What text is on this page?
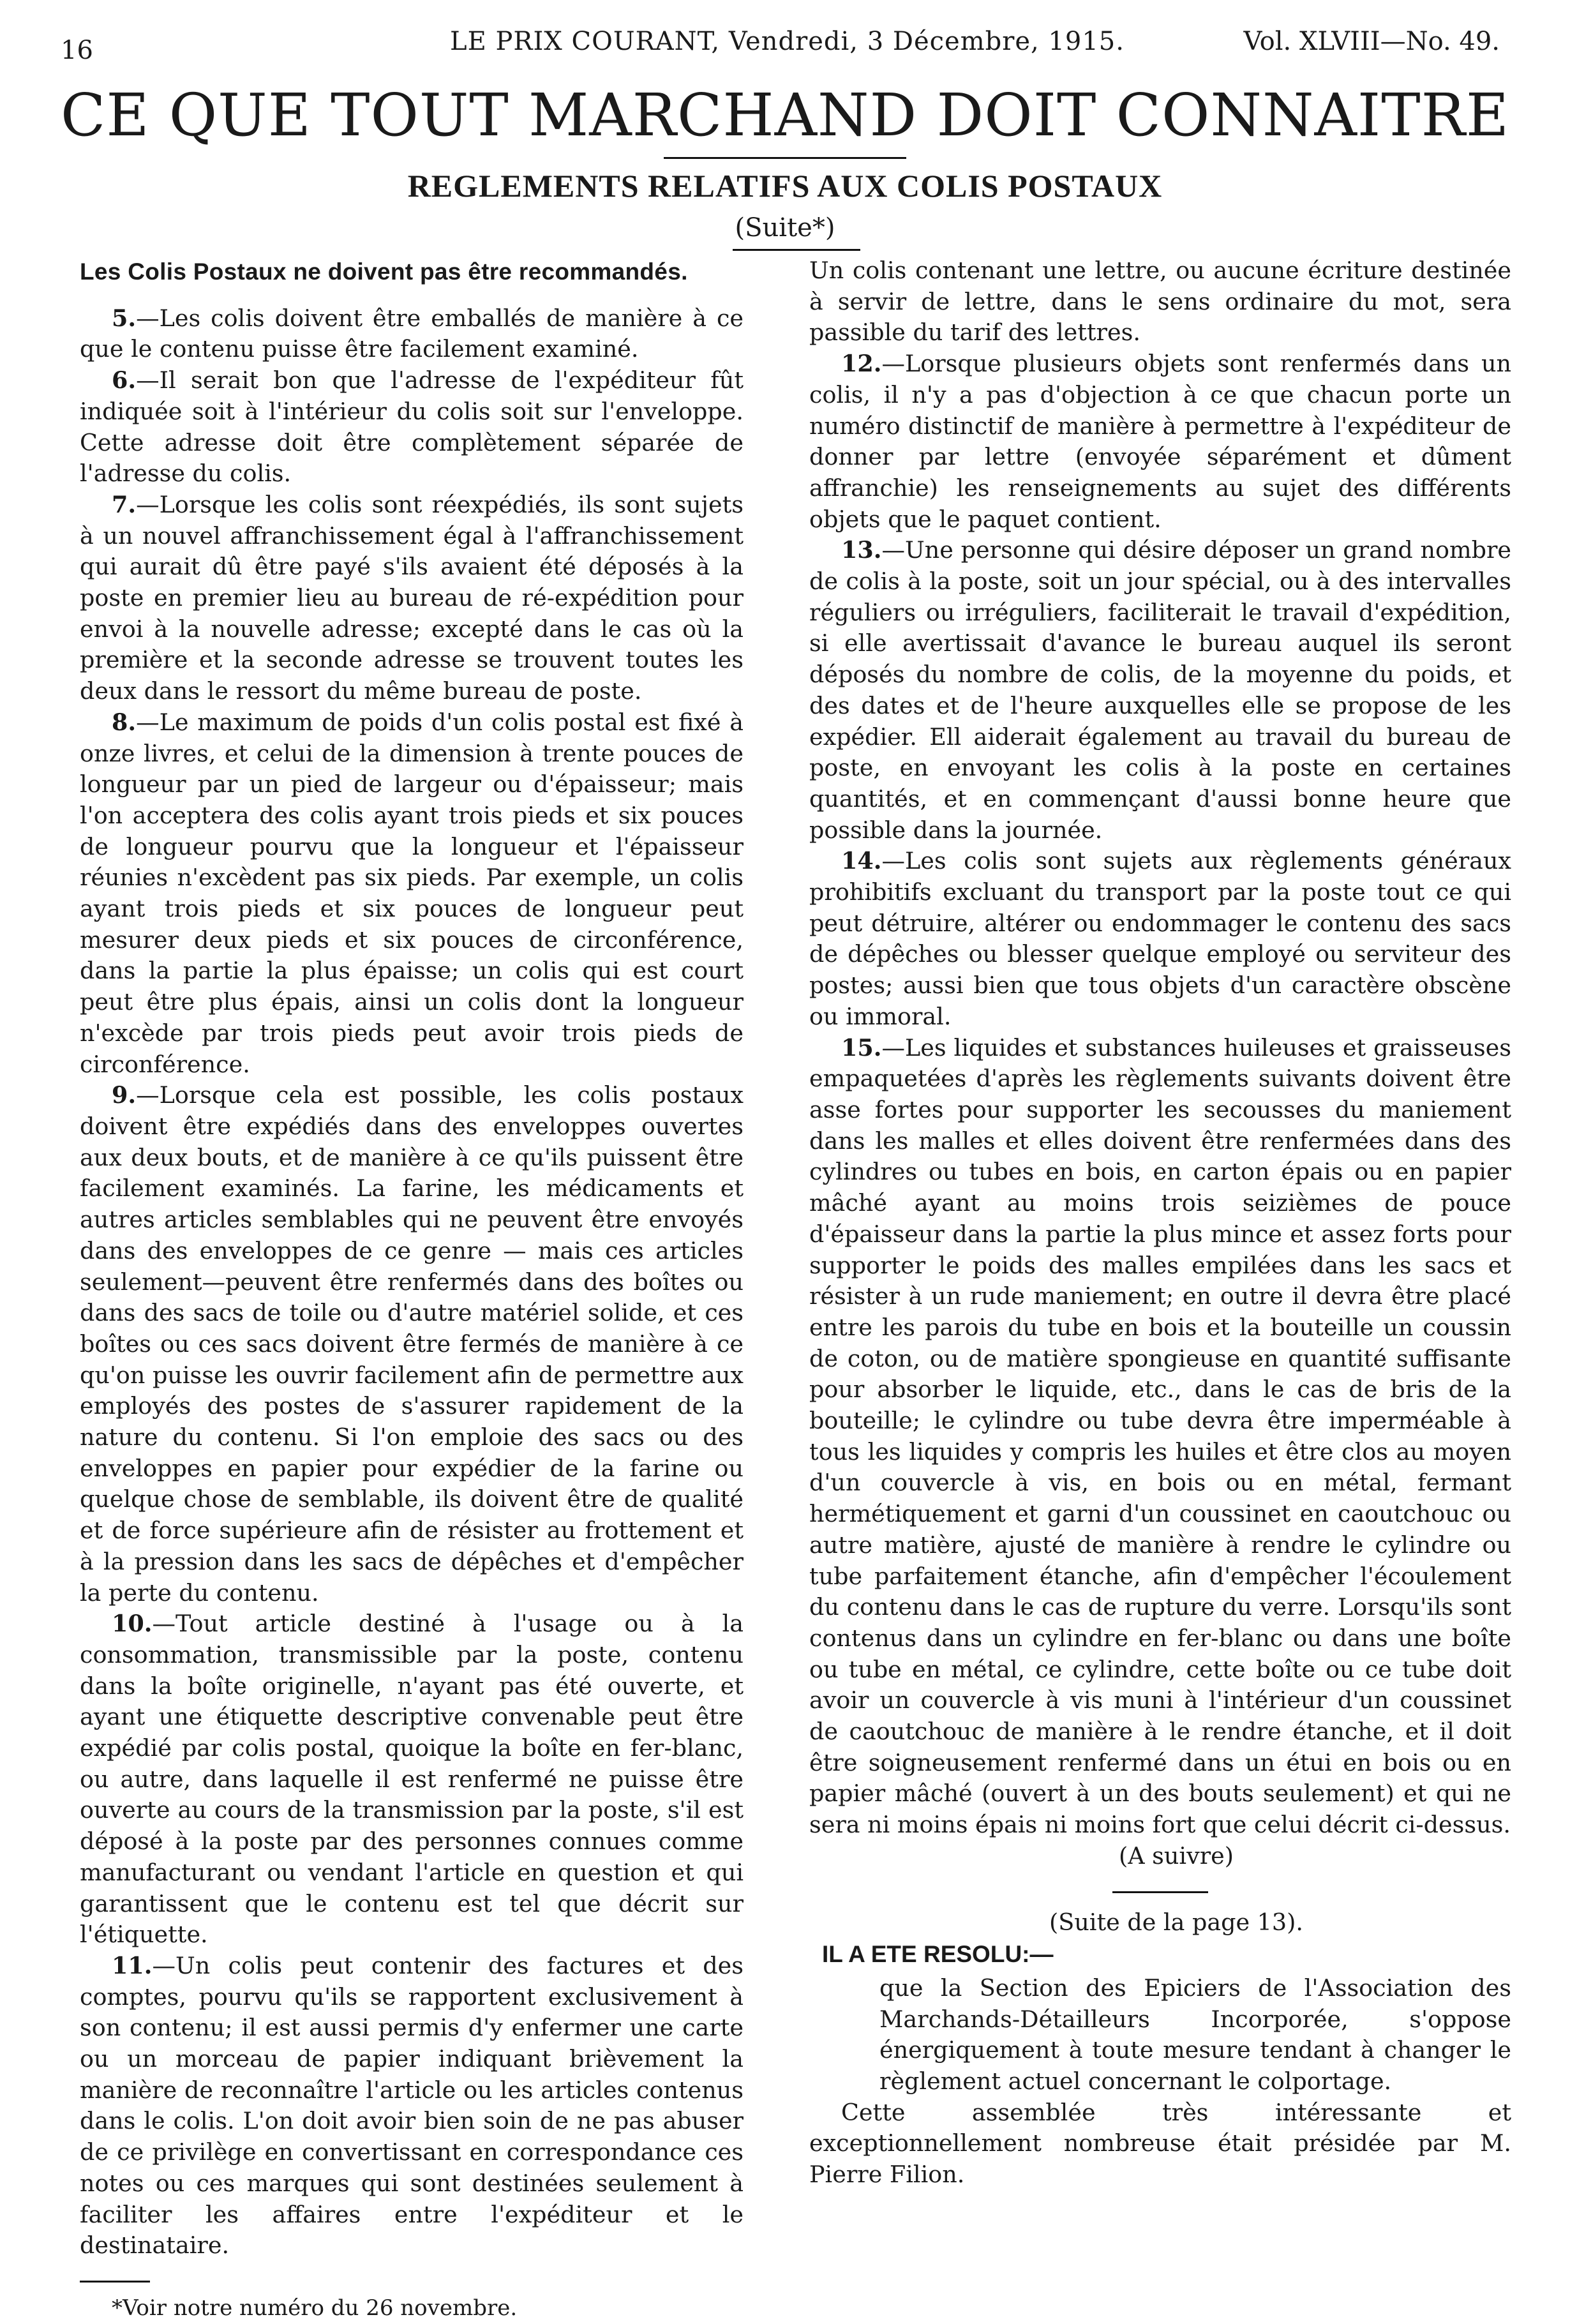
16	LE PRIX COURANT, Vendredi, 3 Décembre, 1915.	Vol. XLVIII—No. 49.
CE QUE TOUT MARCHAND DOIT CONNAITRE
REGLEMENTS RELATIFS AUX COLIS POSTAUX
(Suite*)
Les Colis Postaux ne doivent pas être recommandés.

5.—Les colis doivent être emballés de manière à ce que le contenu puisse être facilement examiné.

6.—Il serait bon que l'adresse de l'expéditeur fût indiquée soit à l'intérieur du colis soit sur l'enveloppe. Cette adresse doit être complètement séparée de l'adresse du colis.

7.—Lorsque les colis sont réexpédiés, ils sont sujets à un nouvel affranchissement égal à l'affranchissement qui aurait dû être payé s'ils avaient été déposés à la poste en premier lieu au bureau de ré-expédition pour envoi à la nouvelle adresse; excepté dans le cas où la première et la seconde adresse se trouvent toutes les deux dans le ressort du même bureau de poste.

8.—Le maximum de poids d'un colis postal est fixé à onze livres, et celui de la dimension à trente pouces de longueur par un pied de largeur ou d'épaisseur; mais l'on acceptera des colis ayant trois pieds et six pouces de longueur pourvu que la longueur et l'épaisseur réunies n'excèdent pas six pieds. Par exemple, un colis ayant trois pieds et six pouces de longueur peut mesurer deux pieds et six pouces de circonférence, dans la partie la plus épaisse; un colis qui est court peut être plus épais, ainsi un colis dont la longueur n'excède par trois pieds peut avoir trois pieds de circonférence.

9.—Lorsque cela est possible, les colis postaux doivent être expédiés dans des enveloppes ouvertes aux deux bouts, et de manière à ce qu'ils puissent être facilement examinés. La farine, les médicaments et autres articles semblables qui ne peuvent être envoyés dans des enveloppes de ce genre — mais ces articles seulement—peuvent être renfermés dans des boîtes ou dans des sacs de toile ou d'autre matériel solide, et ces boîtes ou ces sacs doivent être fermés de manière à ce qu'on puisse les ouvrir facilement afin de permettre aux employés des postes de s'assurer rapidement de la nature du contenu. Si l'on emploie des sacs ou des enveloppes en papier pour expédier de la farine ou quelque chose de semblable, ils doivent être de qualité et de force supérieure afin de résister au frottement et à la pression dans les sacs de dépêches et d'empêcher la perte du contenu.

10.—Tout article destiné à l'usage ou à la consommation, transmissible par la poste, contenu dans la boîte originelle, n'ayant pas été ouverte, et ayant une étiquette descriptive convenable peut être expédié par colis postal, quoique la boîte en fer-blanc, ou autre, dans laquelle il est renfermé ne puisse être ouverte au cours de la transmission par la poste, s'il est déposé à la poste par des personnes connues comme manufacturant ou vendant l'article en question et qui garantissent que le contenu est tel que décrit sur l'étiquette.

11.—Un colis peut contenir des factures et des comptes, pourvu qu'ils se rapportent exclusivement à son contenu; il est aussi permis d'y enfermer une carte ou un morceau de papier indiquant brièvement la manière de reconnaître l'article ou les articles contenus dans le colis. L'on doit avoir bien soin de ne pas abuser de ce privilège en convertissant en correspondance ces notes ou ces marques qui sont destinées seulement à faciliter les affaires entre l'expéditeur et le destinataire.

*Voir notre numéro du 26 novembre.

Un colis contenant une lettre, ou aucune écriture destinée à servir de lettre, dans le sens ordinaire du mot, sera passible du tarif des lettres.

12.—Lorsque plusieurs objets sont renfermés dans un colis, il n'y a pas d'objection à ce que chacun porte un numéro distinctif de manière à permettre à l'expéditeur de donner par lettre (envoyée séparément et dûment affranchie) les renseignements au sujet des différents objets que le paquet contient.

13.—Une personne qui désire déposer un grand nombre de colis à la poste, soit un jour spécial, ou à des intervalles réguliers ou irréguliers, faciliterait le travail d'expédition, si elle avertissait d'avance le bureau auquel ils seront déposés du nombre de colis, de la moyenne du poids, et des dates et de l'heure auxquelles elle se propose de les expédier. Ell aiderait également au travail du bureau de poste, en envoyant les colis à la poste en certaines quantités, et en commençant d'aussi bonne heure que possible dans la journée.

14.—Les colis sont sujets aux règlements généraux prohibitifs excluant du transport par la poste tout ce qui peut détruire, altérer ou endommager le contenu des sacs de dépêches ou blesser quelque employé ou serviteur des postes; aussi bien que tous objets d'un caractère obscène ou immoral.

15.—Les liquides et substances huileuses et graisseuses empaquetées d'après les règlements suivants doivent être asse fortes pour supporter les secousses du maniement dans les malles et elles doivent être renfermées dans des cylindres ou tubes en bois, en carton épais ou en papier mâché ayant au moins trois seizièmes de pouce d'épaisseur dans la partie la plus mince et assez forts pour supporter le poids des malles empilées dans les sacs et résister à un rude maniement; en outre il devra être placé entre les parois du tube en bois et la bouteille un coussin de coton, ou de matière spongieuse en quantité suffisante pour absorber le liquide, etc., dans le cas de bris de la bouteille; le cylindre ou tube devra être imperméable à tous les liquides y compris les huiles et être clos au moyen d'un couvercle à vis, en bois ou en métal, fermant hermétiquement et garni d'un coussinet en caoutchouc ou autre matière, ajusté de manière à rendre le cylindre ou tube parfaitement étanche, afin d'empêcher l'écoulement du contenu dans le cas de rupture du verre. Lorsqu'ils sont contenus dans un cylindre en fer-blanc ou dans une boîte ou tube en métal, ce cylindre, cette boîte ou ce tube doit avoir un couvercle à vis muni à l'intérieur d'un coussinet de caoutchouc de manière à le rendre étanche, et il doit être soigneusement renfermé dans un étui en bois ou en papier mâché (ouvert à un des bouts seulement) et qui ne sera ni moins épais ni moins fort que celui décrit ci-dessus.

(A suivre)

(Suite de la page 13).

IL A ETE RESOLU:—

que la Section des Epiciers de l'Association des Marchands-Détailleurs Incorporée, s'oppose énergiquement à toute mesure tendant à changer le règlement actuel concernant le colportage.

Cette assemblée très intéressante et exceptionnellement nombreuse était présidée par M. Pierre Filion.
